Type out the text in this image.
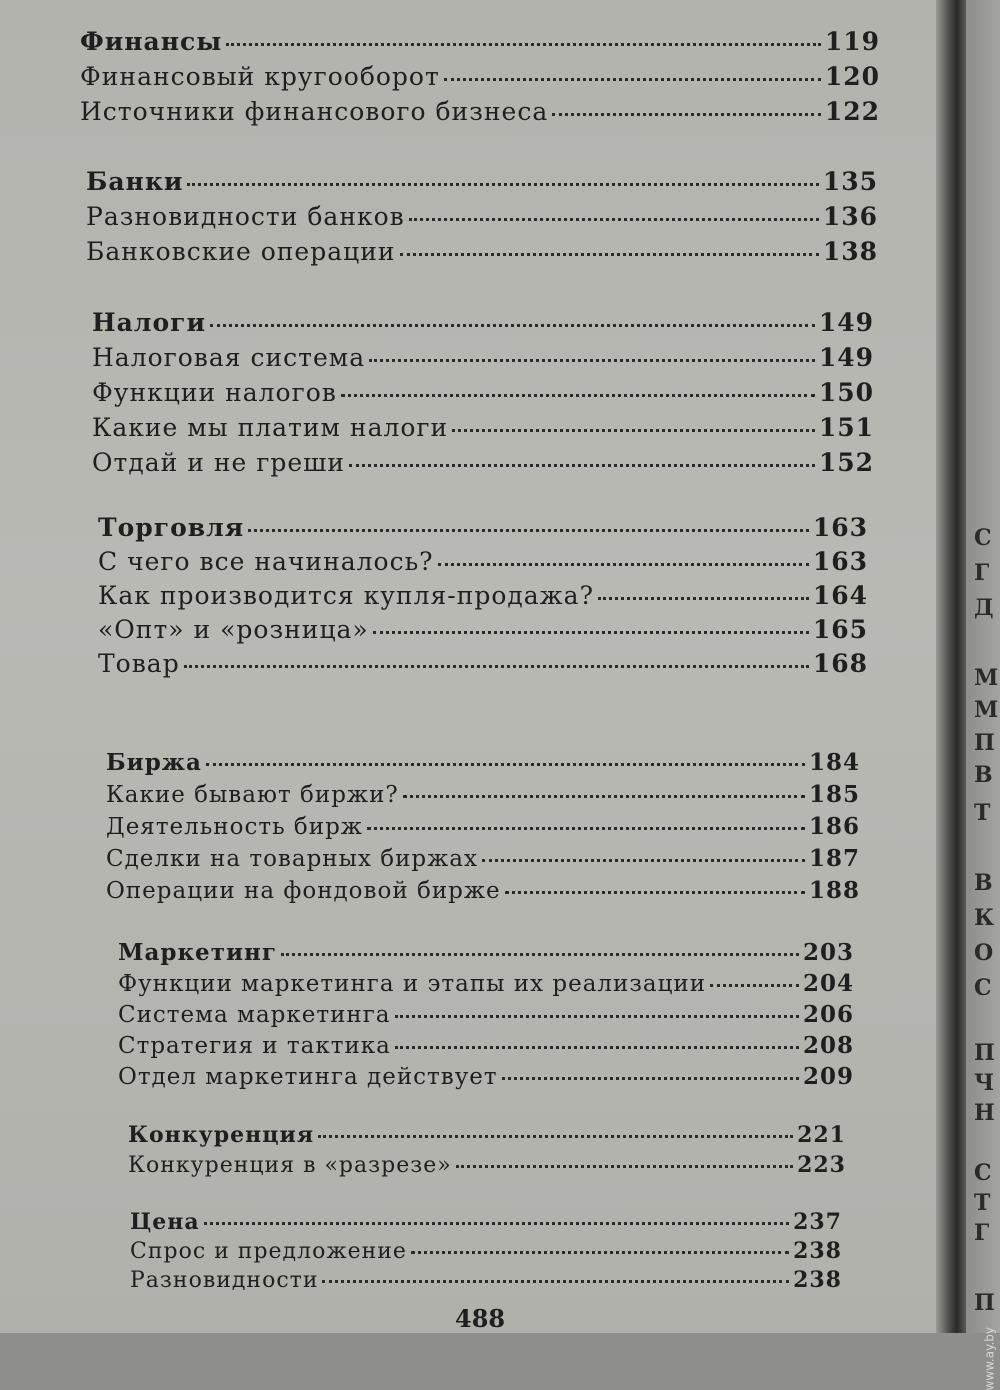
С
Г
Д
М
М
П
В
Т
В
К
О
С
П
Ч
Н
С
Т
Г
П
Финансы	119
Финансовый кругооборот	120
Источники финансового бизнеса	122
Банки	135
Разновидности банков	136
Банковские операции	138
Налоги	149
Налоговая система	149
Функции налогов	150
Какие мы платим налоги	151
Отдай и не греши	152
Торговля	163
С чего все начиналось?	163
Как производится купля-продажа?	164
«Опт» и «розница»	165
Товар	168
Биржа	184
Какие бывают биржи?	185
Деятельность бирж	186
Сделки на товарных биржах	187
Операции на фондовой бирже	188
Маркетинг	203
Функции маркетинга и этапы их реализации	204
Система маркетинга	206
Стратегия и тактика	208
Отдел маркетинга действует	209
Конкуренция	221
Конкуренция в «разрезе»	223
Цена	237
Спрос и предложение	238
Разновидности	238
488
www.ay.by
